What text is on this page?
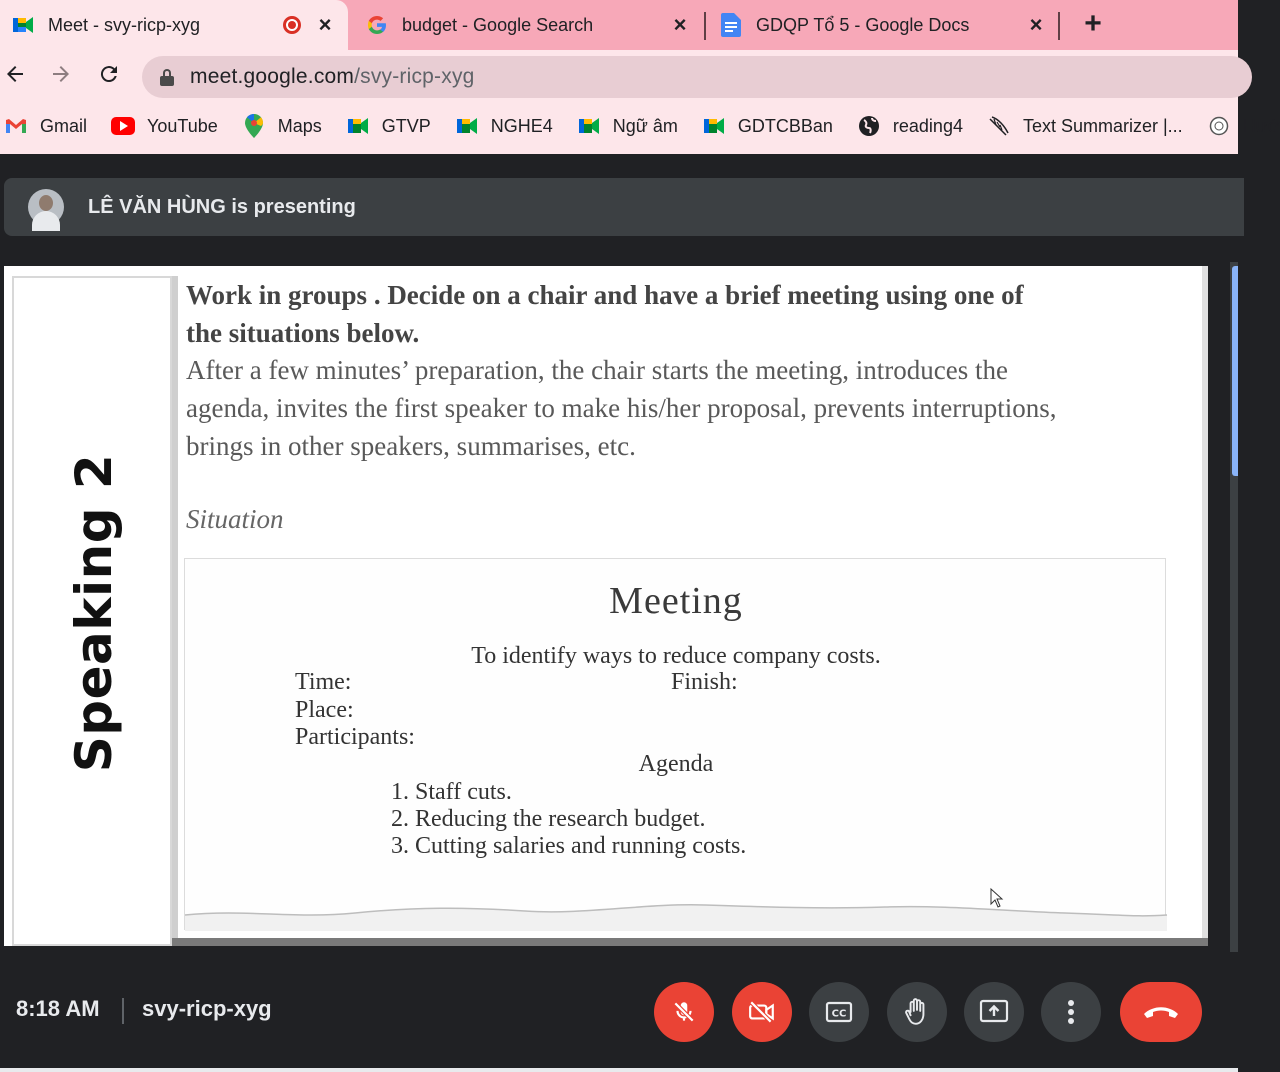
Meet - svy-ricp-xyg	×	budget - Google Search	×	GDQP Tổ 5 - Google Docs	× +
meet.google.com/svy-ricp-xyg
Gmail	YouTube	Maps	GTVP	NGHE4	Ngữ âm	GDTCBBan	reading4	Text Summarizer |...	Hướ
LÊ VĂN HÙNG is presenting
Speaking 2
Work in groups . Decide on a chair and have a brief meeting using one of
the situations below.
After a few minutes’ preparation, the chair starts the meeting, introduces the
agenda, invites the first speaker to make his/her proposal, prevents interruptions,
brings in other speakers, summarises, etc.
Situation
Meeting
To identify ways to reduce company costs.
Time:	Finish:
Place:
Participants:
Agenda
1. Staff cuts.
2. Reducing the research budget.
3. Cutting salaries and running costs.
8:18 AM svy-ricp-xyg	CC
